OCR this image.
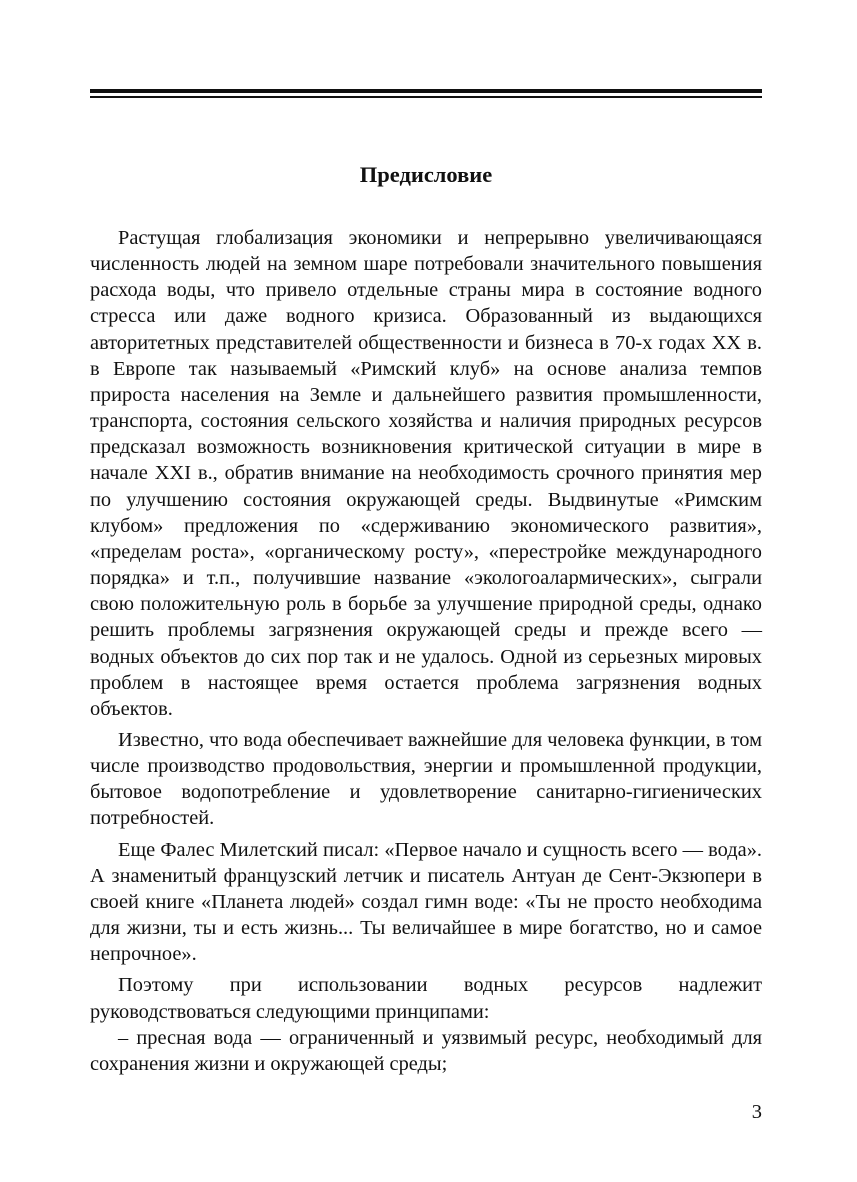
Предисловие

Растущая глобализация экономики и непрерывно увеличивающаяся численность людей на земном шаре потребовали значительного повышения расхода воды, что привело отдельные страны мира в состояние водного стресса или даже водного кризиса. Образованный из выдающихся авторитетных представителей общественности и бизнеса в 70-х годах XX в. в Европе так называемый «Римский клуб» на основе анализа темпов прироста населения на Земле и дальнейшего развития промышленности, транспорта, состояния сельского хозяйства и наличия природных ресурсов предсказал возможность возникновения критической ситуации в мире в начале XXI в., обратив внимание на необходимость срочного принятия мер по улучшению состояния окружающей среды. Выдвинутые «Римским клубом» предложения по «сдерживанию экономического развития», «пределам роста», «органическому росту», «перестройке международного порядка» и т.п., получившие название «экологоалармических», сыграли свою положительную роль в борьбе за улучшение природной среды, однако решить проблемы загрязнения окружающей среды и прежде всего — водных объектов до сих пор так и не удалось. Одной из серьезных мировых проблем в настоящее время остается проблема загрязнения водных объектов.

Известно, что вода обеспечивает важнейшие для человека функции, в том числе производство продовольствия, энергии и промышленной продукции, бытовое водопотребление и удовлетворение санитарно-гигиенических потребностей.

Еще Фалес Милетский писал: «Первое начало и сущность всего — вода». А знаменитый французский летчик и писатель Антуан де Сент-Экзюпери в своей книге «Планета людей» создал гимн воде: «Ты не просто необходима для жизни, ты и есть жизнь... Ты величайшее в мире богатство, но и самое непрочное».

Поэтому при использовании водных ресурсов надлежит руководствоваться следующими принципами:

– пресная вода — ограниченный и уязвимый ресурс, необходимый для сохранения жизни и окружающей среды;

3
